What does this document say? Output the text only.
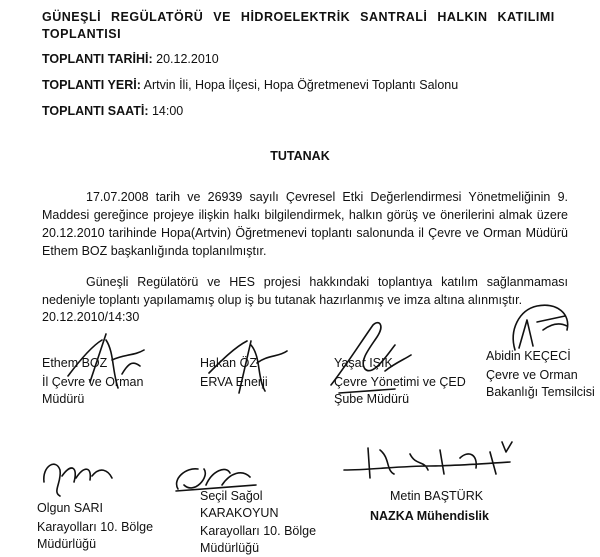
GÜNEŞLİ REGÜLATÖRÜ VE HİDROELEKTRİK SANTRALİ HALKIN KATILIMI TOPLANTISI
TOPLANTI TARİHİ: 20.12.2010
TOPLANTI YERİ: Artvin İli, Hopa İlçesi, Hopa Öğretmenevi Toplantı Salonu
TOPLANTI SAATİ: 14:00
TUTANAK
17.07.2008 tarih ve 26939 sayılı Çevresel Etki Değerlendirmesi Yönetmeliğinin 9. Maddesi gereğince projeye ilişkin halkı bilgilendirmek, halkın görüş ve önerilerini almak üzere 20.12.2010 tarihinde Hopa(Artvin) Öğretmenevi toplantı salonunda il Çevre ve Orman Müdürü Ethem BOZ başkanlığında toplanılmıştır.
Güneşli Regülatörü ve HES projesi hakkındaki toplantıya katılım sağlanmaması nedeniyle toplantı yapılamamış olup iş bu tutanak hazırlanmış ve imza altına alınmıştır.
20.12.2010/14:30
Ethem BOZ
İl Çevre ve Orman Müdürü
Hakan ÖZ
ERVA Enerji
Yaşar IŞIK
Çevre Yönetimi ve ÇED Şube Müdürü
Abidin KEÇECİ
Çevre ve Orman Bakanlığı Temsilcisi
Olgun SARI
Karayolları 10. Bölge Müdürlüğü
Seçil Sağol KARAKOYUN
Karayolları 10. Bölge Müdürlüğü
Metin BAŞTÜRK
NAZKA Mühendislik
